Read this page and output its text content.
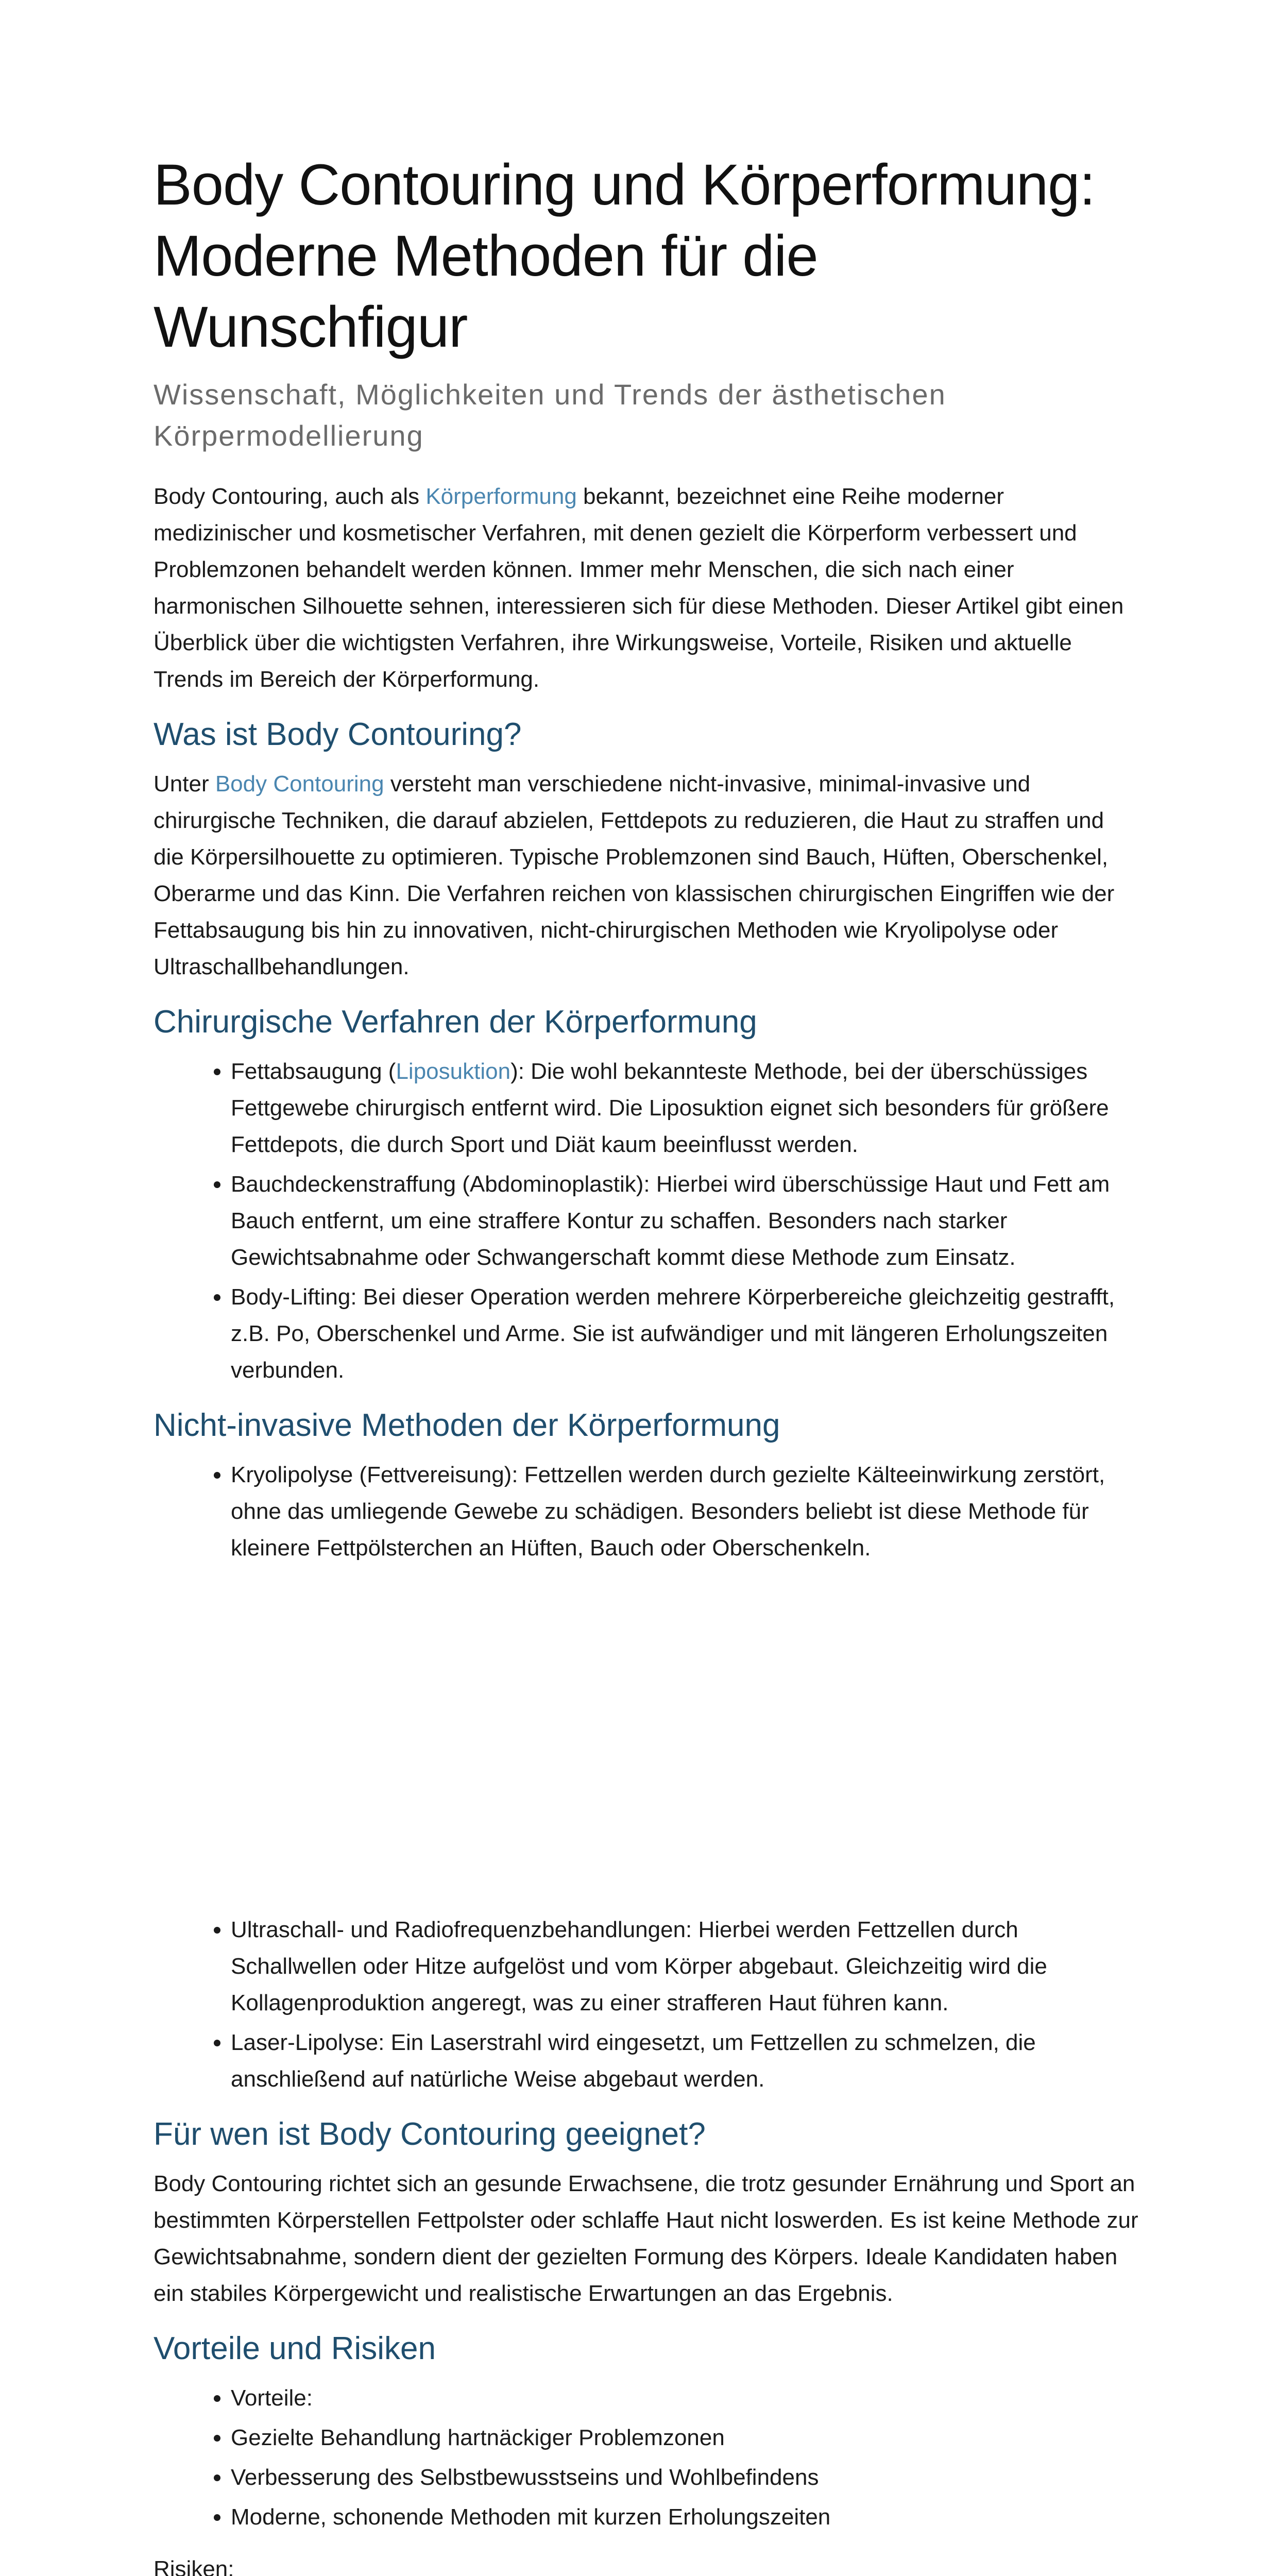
Body Contouring und Körperformung: Moderne Methoden für die Wunschfigur
Wissenschaft, Möglichkeiten und Trends der ästhetischen Körpermodellierung

Body Contouring, auch als Körperformung bekannt, bezeichnet eine Reihe moderner medizinischer und kosmetischer Verfahren, mit denen gezielt die Körperform verbessert und Problemzonen behandelt werden können. Immer mehr Menschen, die sich nach einer harmonischen Silhouette sehnen, interessieren sich für diese Methoden. Dieser Artikel gibt einen Überblick über die wichtigsten Verfahren, ihre Wirkungsweise, Vorteile, Risiken und aktuelle Trends im Bereich der Körperformung.

Was ist Body Contouring?

Unter Body Contouring versteht man verschiedene nicht-invasive, minimal-invasive und chirurgische Techniken, die darauf abzielen, Fettdepots zu reduzieren, die Haut zu straffen und die Körpersilhouette zu optimieren. Typische Problemzonen sind Bauch, Hüften, Oberschenkel, Oberarme und das Kinn. Die Verfahren reichen von klassischen chirurgischen Eingriffen wie der Fettabsaugung bis hin zu innovativen, nicht-chirurgischen Methoden wie Kryolipolyse oder Ultraschallbehandlungen.

Chirurgische Verfahren der Körperformung
• Fettabsaugung (Liposuktion): Die wohl bekannteste Methode, bei der überschüssiges Fettgewebe chirurgisch entfernt wird. Die Liposuktion eignet sich besonders für größere Fettdepots, die durch Sport und Diät kaum beeinflusst werden.
• Bauchdeckenstraffung (Abdominoplastik): Hierbei wird überschüssige Haut und Fett am Bauch entfernt, um eine straffere Kontur zu schaffen. Besonders nach starker Gewichtsabnahme oder Schwangerschaft kommt diese Methode zum Einsatz.
• Body-Lifting: Bei dieser Operation werden mehrere Körperbereiche gleichzeitig gestrafft, z.B. Po, Oberschenkel und Arme. Sie ist aufwändiger und mit längeren Erholungszeiten verbunden.
Nicht-invasive Methoden der Körperformung
• Kryolipolyse (Fettvereisung): Fettzellen werden durch gezielte Kälteeinwirkung zerstört, ohne das umliegende Gewebe zu schädigen. Besonders beliebt ist diese Methode für kleinere Fettpölsterchen an Hüften, Bauch oder Oberschenkeln.
• Ultraschall- und Radiofrequenzbehandlungen: Hierbei werden Fettzellen durch Schallwellen oder Hitze aufgelöst und vom Körper abgebaut. Gleichzeitig wird die Kollagenproduktion angeregt, was zu einer strafferen Haut führen kann.
• Laser-Lipolyse: Ein Laserstrahl wird eingesetzt, um Fettzellen zu schmelzen, die anschließend auf natürliche Weise abgebaut werden.
Für wen ist Body Contouring geeignet?

Body Contouring richtet sich an gesunde Erwachsene, die trotz gesunder Ernährung und Sport an bestimmten Körperstellen Fettpolster oder schlaffe Haut nicht loswerden. Es ist keine Methode zur Gewichtsabnahme, sondern dient der gezielten Formung des Körpers. Ideale Kandidaten haben ein stabiles Körpergewicht und realistische Erwartungen an das Ergebnis.

Vorteile und Risiken
• Vorteile:
• Gezielte Behandlung hartnäckiger Problemzonen
• Verbesserung des Selbstbewusstseins und Wohlbefindens
• Moderne, schonende Methoden mit kurzen Erholungszeiten

Risiken:
